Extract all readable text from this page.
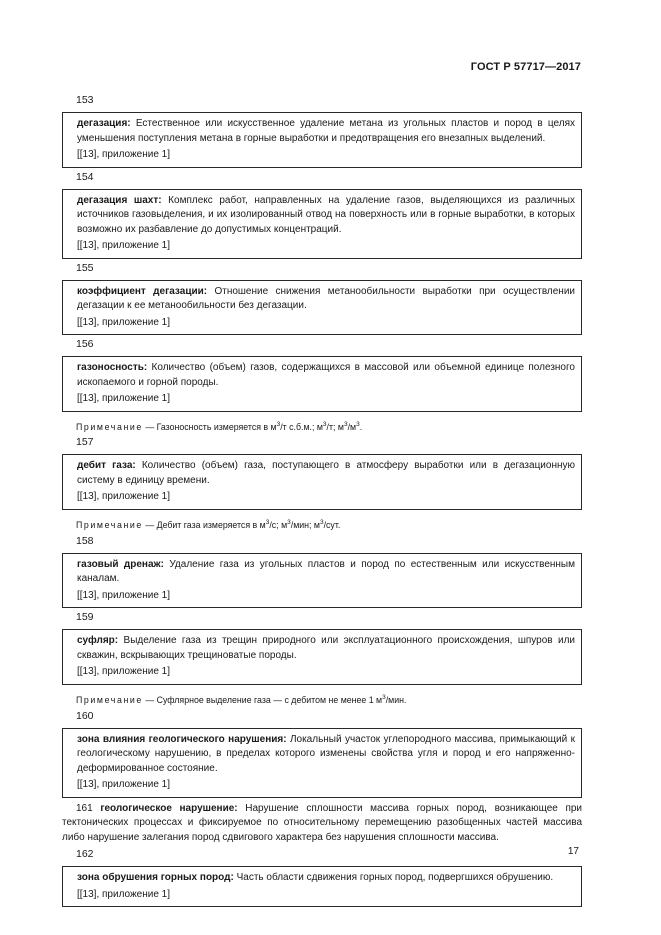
ГОСТ Р 57717—2017
153

дегазация: Естественное или искусственное удаление метана из угольных пластов и пород в целях уменьшения поступления метана в горные выработки и предотвращения его внезапных выделений.

[[13], приложение 1]

154

дегазация шахт: Комплекс работ, направленных на удаление газов, выделяющихся из различных источников газовыделения, и их изолированный отвод на поверхность или в горные выработки, в которых возможно их разбавление до допустимых концентраций.

[[13], приложение 1]

155

коэффициент дегазации: Отношение снижения метанообильности выработки при осуществлении дегазации к ее метанообильности без дегазации.

[[13], приложение 1]

156

газоносность: Количество (объем) газов, содержащихся в массовой или объемной единице полезного ископаемого и горной породы.

[[13], приложение 1]

Примечание — Газоносность измеряется в $м^3/т$ с.б.м.; $м^3/т$; $м^3/м^3$.
157

дебит газа: Количество (объем) газа, поступающего в атмосферу выработки или в дегазационную систему в единицу времени.

[[13], приложение 1]

Примечание — Дебит газа измеряется в $м^3/с$; $м^3$/мин; $м^3$/сут.
158

газовый дренаж: Удаление газа из угольных пластов и пород по естественным или искусственным каналам.

[[13], приложение 1]

159

суфляр: Выделение газа из трещин природного или эксплуатационного происхождения, шпуров или скважин, вскрывающих трещиноватые породы.

[[13], приложение 1]

Примечание — Суфлярное выделение газа — с дебитом не менее 1 $м^3$/мин.
160

зона влияния геологического нарушения: Локальный участок углепородного массива, примыкающий к геологическому нарушению, в пределах которого изменены свойства угля и пород и его напряженно-деформированное состояние.

[[13], приложение 1]

161 геологическое нарушение: Нарушение сплошности массива горных пород, возникающее при тектонических процессах и фиксируемое по относительному перемещению разобщенных частей массива либо нарушение залегания пород сдвигового характера без нарушения сплошности массива.
162

зона обрушения горных пород: Часть области сдвижения горных пород, подвергшихся обрушению.

[[13], приложение 1]

17
